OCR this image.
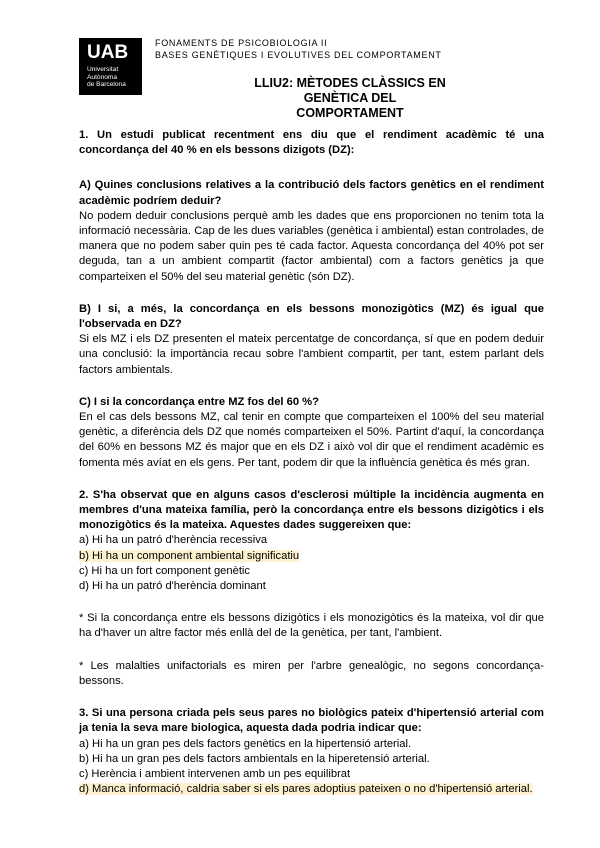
UAB
Universitat
Autònoma
de Barcelona
FONAMENTS DE PSICOBIOLOGIA II
BASES GENÈTIQUES I EVOLUTIVES DEL COMPORTAMENT
LLIU2: MÈTODES CLÀSSICS EN GENÈTICA DEL
COMPORTAMENT

1. Un estudi publicat recentment ens diu que el rendiment acadèmic té una concordança del 40 % en els bessons dizigots (DZ):

A) Quines conclusions relatives a la contribució dels factors genètics en el rendiment acadèmic podríem deduir?

No podem deduir conclusions perquè amb les dades que ens proporcionen no tenim tota la informació necessària. Cap de les dues variables (genètica i ambiental) estan controlades, de manera que no podem saber quin pes té cada factor. Aquesta concordança del 40% pot ser deguda, tan a un ambient compartit (factor ambiental) com a factors genètics ja que comparteixen el 50% del seu material genètic (són DZ).

B) I si, a més, la concordança en els bessons monozigòtics (MZ) és igual que l'observada en DZ?

Si els MZ i els DZ presenten el mateix percentatge de concordança, sí que en podem deduir una conclusió: la importància recau sobre l'ambient compartit, per tant, estem parlant dels factors ambientals.

C) I si la concordança entre MZ fos del 60 %?

En el cas dels bessons MZ, cal tenir en compte que comparteixen el 100% del seu material genètic, a diferència dels DZ que només comparteixen el 50%. Partint d'aquí, la concordança del 60% en bessons MZ és major que en els DZ i això vol dir que el rendiment acadèmic es fomenta més avíat en els gens. Per tant, podem dir que la influència genètica és més gran.

2. S'ha observat que en alguns casos d'esclerosi múltiple la incidència augmenta en membres d'una mateixa família, però la concordança entre els bessons dizigòtics i els monozigòtics és la mateixa. Aquestes dades suggereixen que:

a) Hi ha un patró d'herència recessiva

b) Hi ha un component ambiental significatiu

c) Hi ha un fort component genètic

d) Hi ha un patró d'herència dominant

* Si la concordança entre els bessons dizigòtics i els monozigòtics és la mateixa, vol dir que ha d'haver un altre factor més enllà del de la genètica, per tant, l'ambient.

* Les malalties unifactorials es miren per l'arbre genealògic, no segons concordança-bessons.

3. Si una persona criada pels seus pares no biològics pateix d'hipertensió arterial com ja tenia la seva mare biologica, aquesta dada podria indicar que:

a) Hi ha un gran pes dels factors genètics en la hipertensió arterial.

b) Hi ha un gran pes dels factors ambientals en la hiperetensió arterial.

c) Herència i ambient intervenen amb un pes equilibrat

d) Manca informació, caldria saber si els pares adoptius pateixen o no d'hipertensió arterial.
